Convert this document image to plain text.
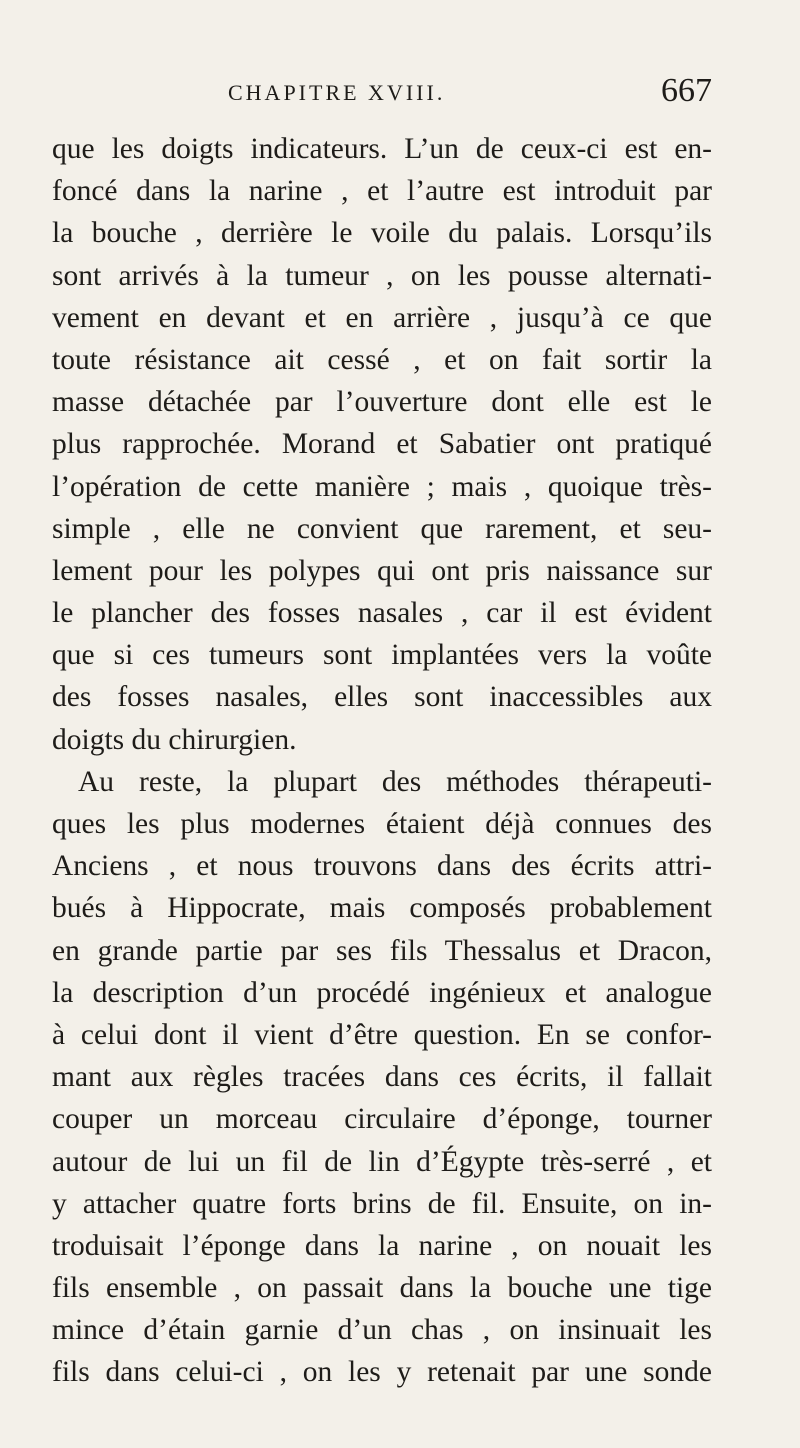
CHAPITRE XVIII.	667
que les doigts indicateurs. L’un de ceux-ci est en-
foncé dans la narine , et l’autre est introduit par
la bouche , derrière le voile du palais. Lorsqu’ils
sont arrivés à la tumeur , on les pousse alternati-
vement en devant et en arrière , jusqu’à ce que
toute résistance ait cessé , et on fait sortir la
masse détachée par l’ouverture dont elle est le
plus rapprochée. Morand et Sabatier ont pratiqué
l’opération de cette manière ; mais , quoique très-
simple , elle ne convient que rarement, et seu-
lement pour les polypes qui ont pris naissance sur
le plancher des fosses nasales , car il est évident
que si ces tumeurs sont implantées vers la voûte
des fosses nasales, elles sont inaccessibles aux
doigts du chirurgien.
Au reste, la plupart des méthodes thérapeuti-
ques les plus modernes étaient déjà connues des
Anciens , et nous trouvons dans des écrits attri-
bués à Hippocrate, mais composés probablement
en grande partie par ses fils Thessalus et Dracon,
la description d’un procédé ingénieux et analogue
à celui dont il vient d’être question. En se confor-
mant aux règles tracées dans ces écrits, il fallait
couper un morceau circulaire d’éponge, tourner
autour de lui un fil de lin d’Égypte très-serré , et
y attacher quatre forts brins de fil. Ensuite, on in-
troduisait l’éponge dans la narine , on nouait les
fils ensemble , on passait dans la bouche une tige
mince d’étain garnie d’un chas , on insinuait les
fils dans celui-ci , on les y retenait par une sonde
